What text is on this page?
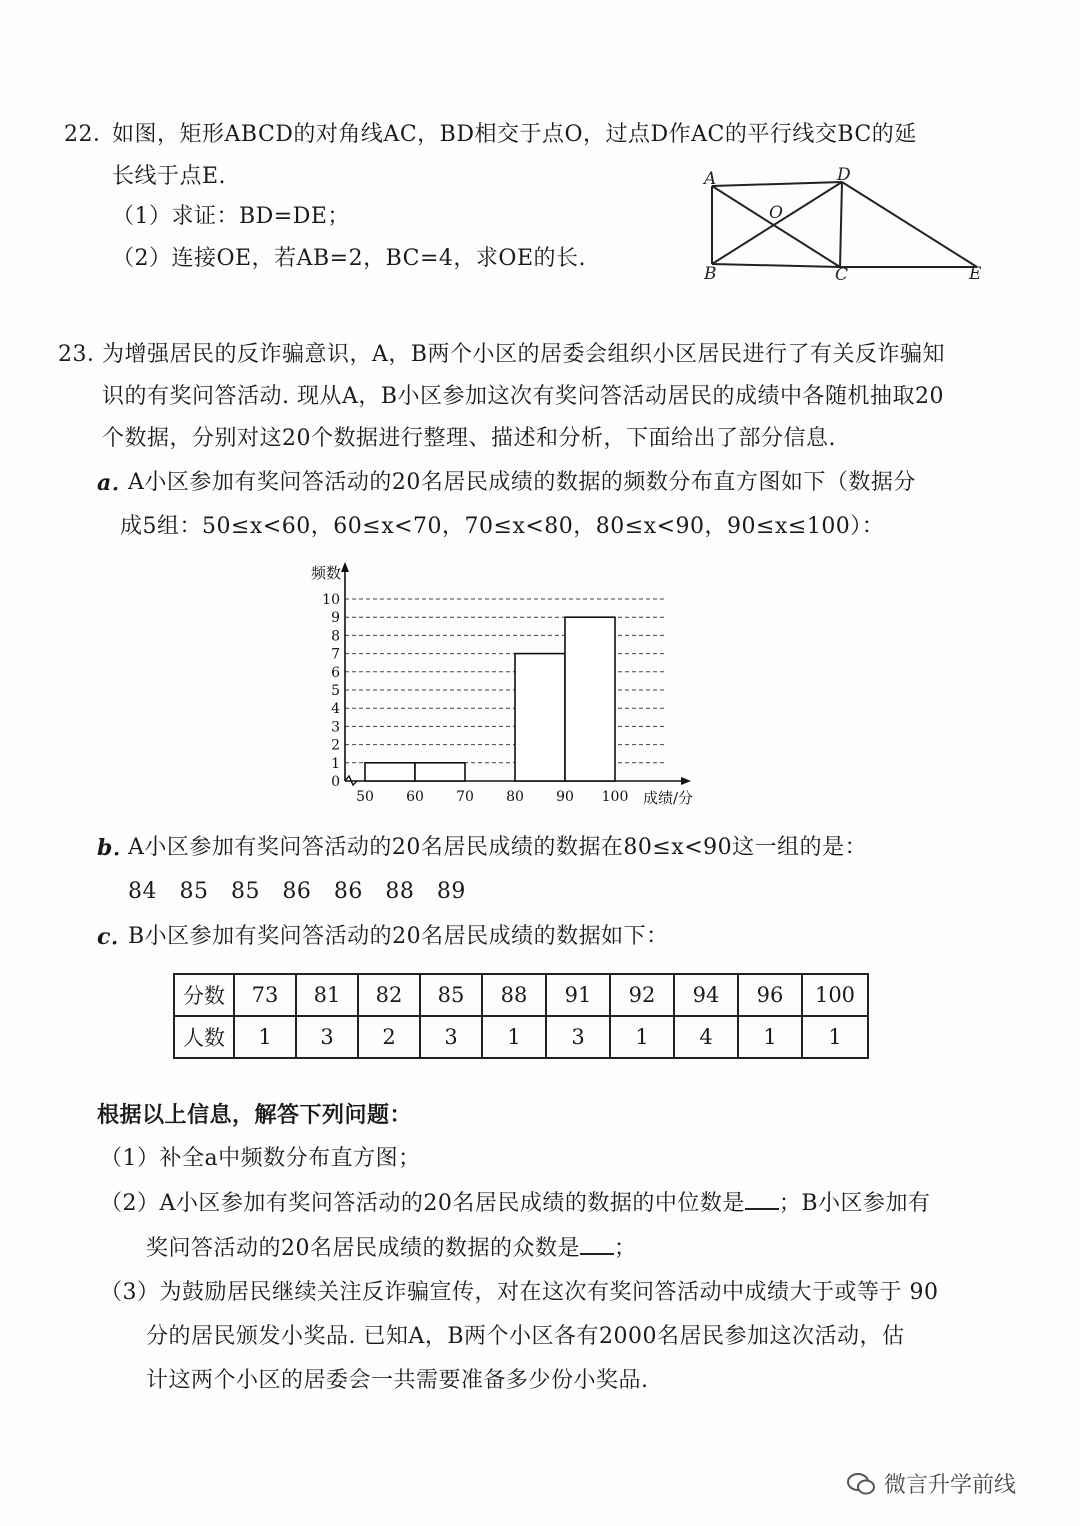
22．
如图，矩形ABCD的对角线AC，BD相交于点O，过点D作AC的平行线交BC的延
长线于点E.
（1）求证：BD=DE；
（2）连接OE，若AB=2，BC=4，求OE的长.
A	D
O
B	C	E
23．
为增强居民的反诈骗意识，A，B两个小区的居委会组织小区居民进行了有关反诈骗知
识的有奖问答活动. 现从A，B小区参加这次有奖问答活动居民的成绩中各随机抽取20
个数据，分别对这20个数据进行整理、描述和分析，下面给出了部分信息.
a．
A小区参加有奖问答活动的20名居民成绩的数据的频数分布直方图如下（数据分
成5组：50≤x<60，60≤x<70，70≤x<80，80≤x<90，90≤x≤100）：
0
1
2
3
4
5
6
7
8
9
10
50 60 70 80 90 100
频数
成绩/分
b．
A小区参加有奖问答活动的20名居民成绩的数据在80≤x<90这一组的是：
84   85   85   86   86   88   89
c．
B小区参加有奖问答活动的20名居民成绩的数据如下：
分数	73	81	82	85	88	91	92	94	96	100
人数	1	3	2	3	1	3	1	4	1	1
根据以上信息，解答下列问题：
（1）补全a中频数分布直方图；
（2）A小区参加有奖问答活动的20名居民成绩的数据的中位数是 ；B小区参加有
奖问答活动的20名居民成绩的数据的众数是 ；
（3）为鼓励居民继续关注反诈骗宣传，对在这次有奖问答活动中成绩大于或等于 90
分的居民颁发小奖品. 已知A，B两个小区各有2000名居民参加这次活动，估
计这两个小区的居委会一共需要准备多少份小奖品.
微言升学前线
